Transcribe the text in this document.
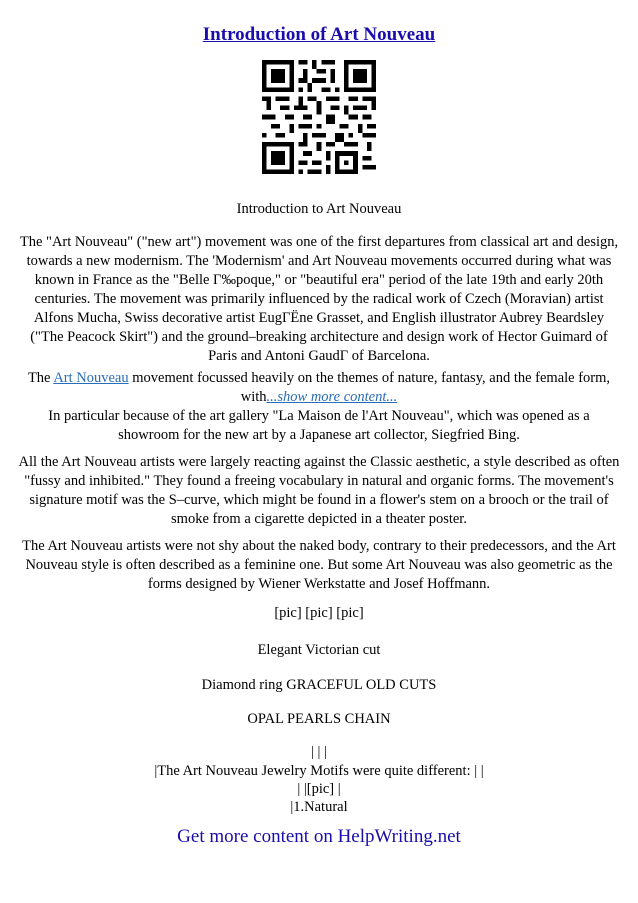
Introduction of Art Nouveau
Introduction to Art Nouveau

The "Art Nouveau" ("new art") movement was one of the first departures from classical art and design, towards a new modernism. The 'Modernism' and Art Nouveau movements occurred during what was known in France as the "Belle Г‰poque," or "beautiful era" period of the late 19th and early 20th centuries. The movement was primarily influenced by the radical work of Czech (Moravian) artist Alfons Mucha, Swiss decorative artist EugГЁne Grasset, and English illustrator Aubrey Beardsley ("The Peacock Skirt") and the ground–breaking architecture and design work of Hector Guimard of Paris and Antoni GaudГ of Barcelona.

The Art Nouveau movement focussed heavily on the themes of nature, fantasy, and the female form, with...show more content...
In particular because of the art gallery "La Maison de l'Art Nouveau", which was opened as a showroom for the new art by a Japanese art collector, Siegfried Bing.

All the Art Nouveau artists were largely reacting against the Classic aesthetic, a style described as often "fussy and inhibited." They found a freeing vocabulary in natural and organic forms. The movement's signature motif was the S–curve, which might be found in a flower's stem on a brooch or the trail of smoke from a cigarette depicted in a theater poster.

The Art Nouveau artists were not shy about the naked body, contrary to their predecessors, and the Art Nouveau style is often described as a feminine one. But some Art Nouveau was also geometric as the forms designed by Wiener Werkstatte and Josef Hoffmann.

[pic] [pic] [pic]
Elegant Victorian cut
Diamond ring GRACEFUL OLD CUTS
OPAL PEARLS CHAIN
| | |
|The Art Nouveau Jewelry Motifs were quite different: | |
| |[pic] |
|1.Natural
Get more content on HelpWriting.net
